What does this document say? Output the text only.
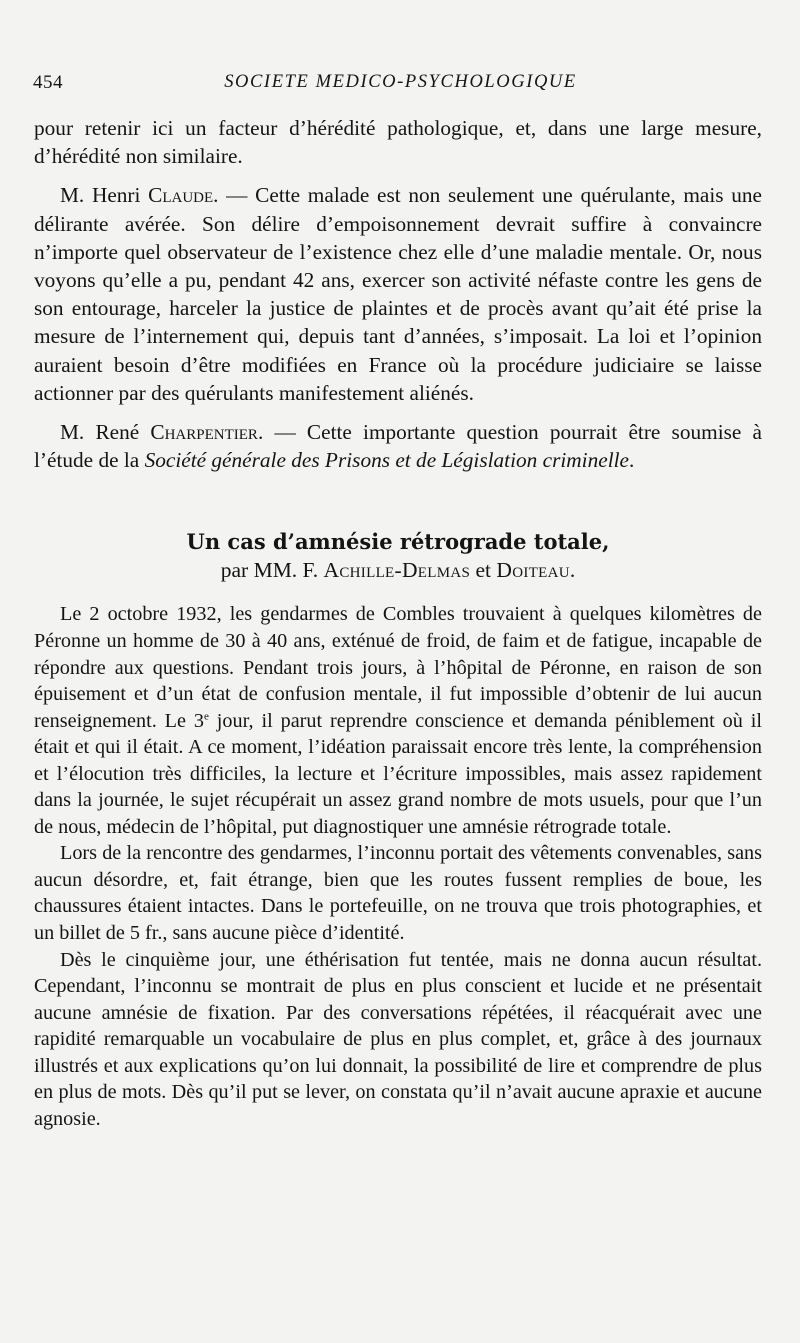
454	SOCIETE MEDICO-PSYCHOLOGIQUE

pour retenir ici un facteur d’hérédité pathologique, et, dans une large mesure, d’hérédité non similaire.

M. Henri Claude. — Cette malade est non seulement une quérulante, mais une délirante avérée. Son délire d’empoisonnement devrait suffire à convaincre n’importe quel observateur de l’existence chez elle d’une maladie mentale. Or, nous voyons qu’elle a pu, pendant 42 ans, exercer son activité néfaste contre les gens de son entourage, harceler la justice de plaintes et de procès avant qu’ait été prise la mesure de l’internement qui, depuis tant d’années, s’imposait. La loi et l’opinion auraient besoin d’être modifiées en France où la procédure judiciaire se laisse actionner par des quérulants manifestement aliénés.

M. René Charpentier. — Cette importante question pourrait être soumise à l’étude de la Société générale des Prisons et de Législation criminelle.

Un cas d’amnésie rétrograde totale,
par MM. F. Achille-Delmas et Doiteau.

Le 2 octobre 1932, les gendarmes de Combles trouvaient à quelques kilomètres de Péronne un homme de 30 à 40 ans, exténué de froid, de faim et de fatigue, incapable de répondre aux questions. Pendant trois jours, à l’hôpital de Péronne, en raison de son épuisement et d’un état de confusion mentale, il fut impossible d’obtenir de lui aucun renseignement. Le 3e jour, il parut reprendre conscience et demanda péniblement où il était et qui il était. A ce moment, l’idéation paraissait encore très lente, la compréhension et l’élocution très difficiles, la lecture et l’écriture impossibles, mais assez rapidement dans la journée, le sujet récupérait un assez grand nombre de mots usuels, pour que l’un de nous, médecin de l’hôpital, put diagnostiquer une amnésie rétrograde totale.

Lors de la rencontre des gendarmes, l’inconnu portait des vêtements convenables, sans aucun désordre, et, fait étrange, bien que les routes fussent remplies de boue, les chaussures étaient intactes. Dans le portefeuille, on ne trouva que trois photographies, et un billet de 5 fr., sans aucune pièce d’identité.

Dès le cinquième jour, une éthérisation fut tentée, mais ne donna aucun résultat. Cependant, l’inconnu se montrait de plus en plus conscient et lucide et ne présentait aucune amnésie de fixation. Par des conversations répétées, il réacquérait avec une rapidité remarquable un vocabulaire de plus en plus complet, et, grâce à des journaux illustrés et aux explications qu’on lui donnait, la possibilité de lire et comprendre de plus en plus de mots. Dès qu’il put se lever, on constata qu’il n’avait aucune apraxie et aucune agnosie.
